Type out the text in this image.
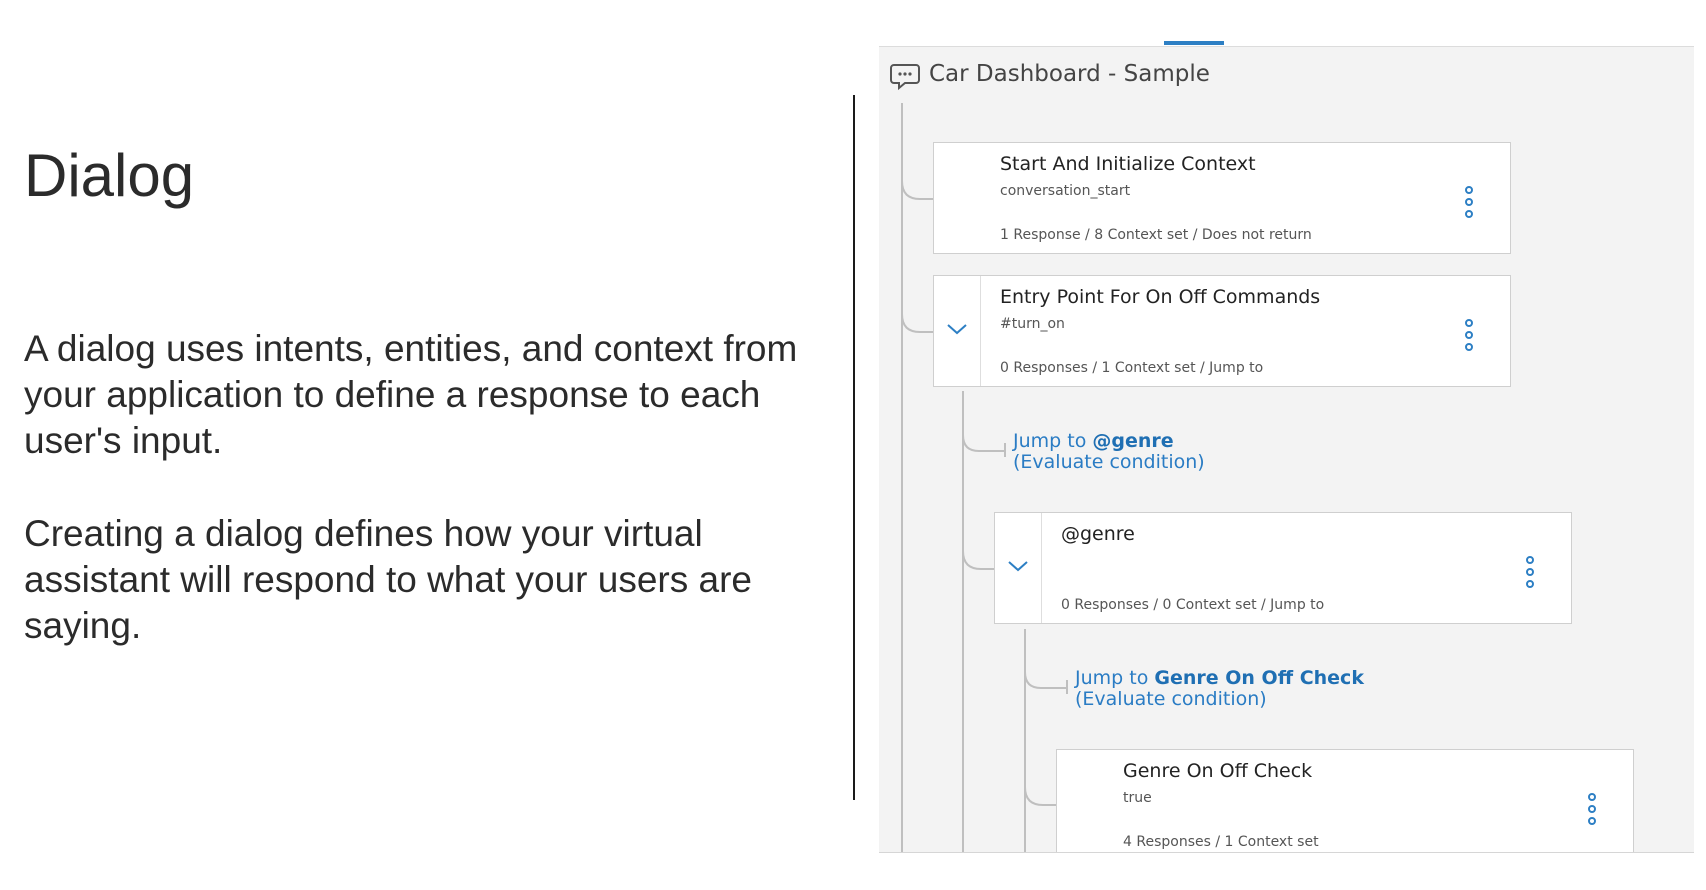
Dialog
A dialog uses intents, entities, and context from your application to define a response to each user's input.
Creating a dialog defines how your virtual assistant will respond to what your users are saying.
Car Dashboard - Sample
Start And Initialize Context
conversation_start
1 Response / 8 Context set / Does not return
Entry Point For On Off Commands
#turn_on
0 Responses / 1 Context set / Jump to
Jump to @genre
(Evaluate condition)
@genre
0 Responses / 0 Context set / Jump to
Jump to Genre On Off Check
(Evaluate condition)
Genre On Off Check
true
4 Responses / 1 Context set
